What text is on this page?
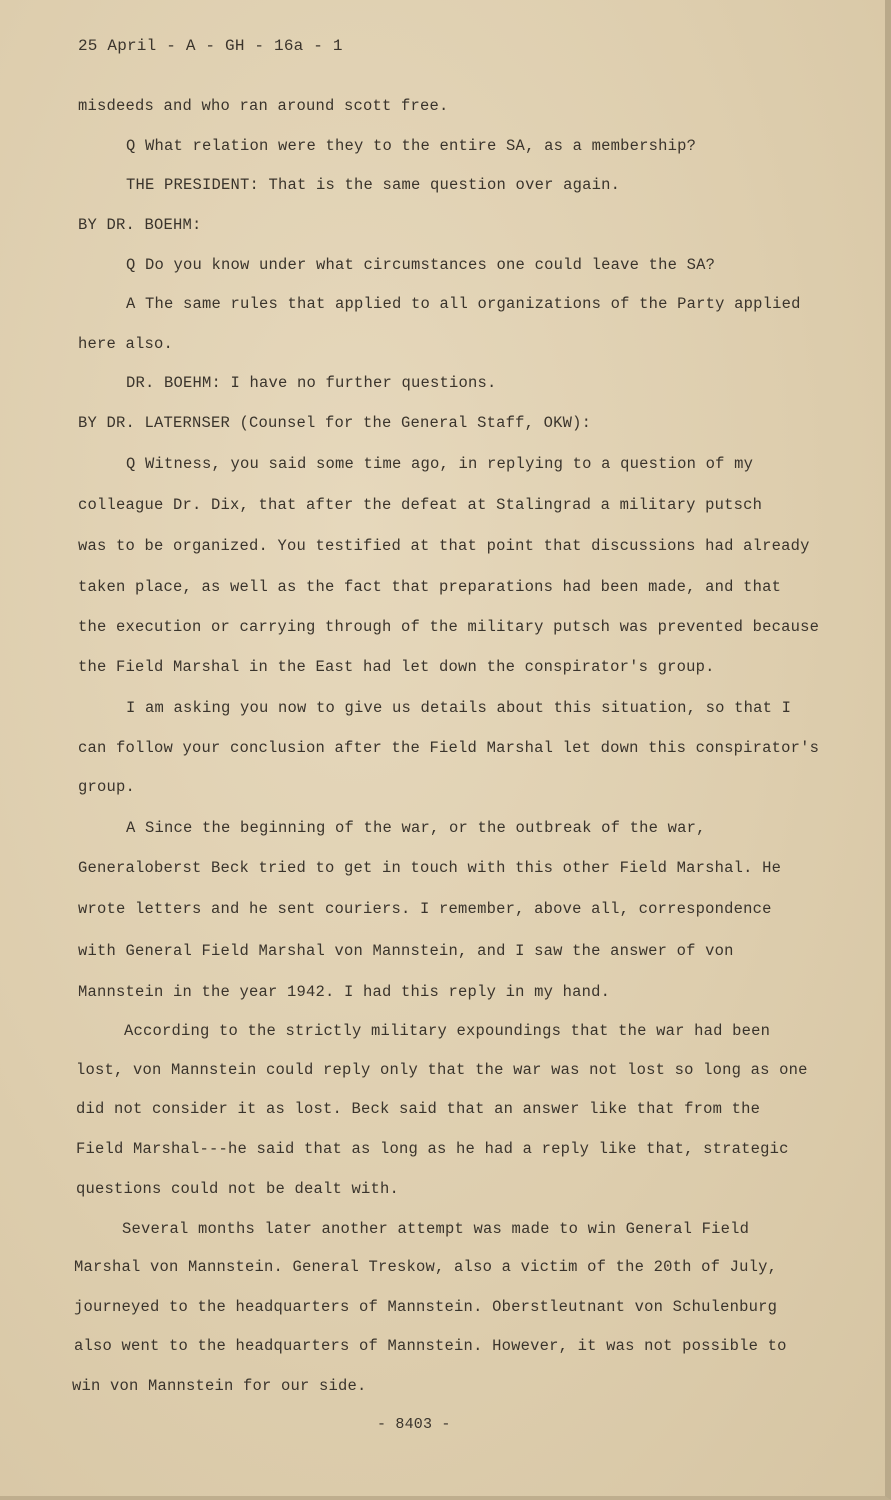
25 April - A - GH - 16a - 1

misdeeds and who ran around scott free.

Q What relation were they to the entire SA, as a membership?

THE PRESIDENT: That is the same question over again.

BY DR. BOEHM:

Q Do you know under what circumstances one could leave the SA?

A The same rules that applied to all organizations of the Party applied

here also.

DR. BOEHM: I have no further questions.

BY DR. LATERNSER (Counsel for the General Staff, OKW):

Q Witness, you said some time ago, in replying to a question of my

colleague Dr. Dix, that after the defeat at Stalingrad a military putsch

was to be organized. You testified at that point that discussions had already

taken place, as well as the fact that preparations had been made, and that

the execution or carrying through of the military putsch was prevented because

the Field Marshal in the East had let down the conspirator's group.

I am asking you now to give us details about this situation, so that I

can follow your conclusion after the Field Marshal let down this conspirator's

group.

A Since the beginning of the war, or the outbreak of the war,

Generaloberst Beck tried to get in touch with this other Field Marshal. He

wrote letters and he sent couriers. I remember, above all, correspondence

with General Field Marshal von Mannstein, and I saw the answer of von

Mannstein in the year 1942. I had this reply in my hand.

According to the strictly military expoundings that the war had been

lost, von Mannstein could reply only that the war was not lost so long as one

did not consider it as lost. Beck said that an answer like that from the

Field Marshal---he said that as long as he had a reply like that, strategic

questions could not be dealt with.

Several months later another attempt was made to win General Field

Marshal von Mannstein. General Treskow, also a victim of the 20th of July,

journeyed to the headquarters of Mannstein. Oberstleutnant von Schulenburg

also went to the headquarters of Mannstein. However, it was not possible to

win von Mannstein for our side.

- 8403 -
